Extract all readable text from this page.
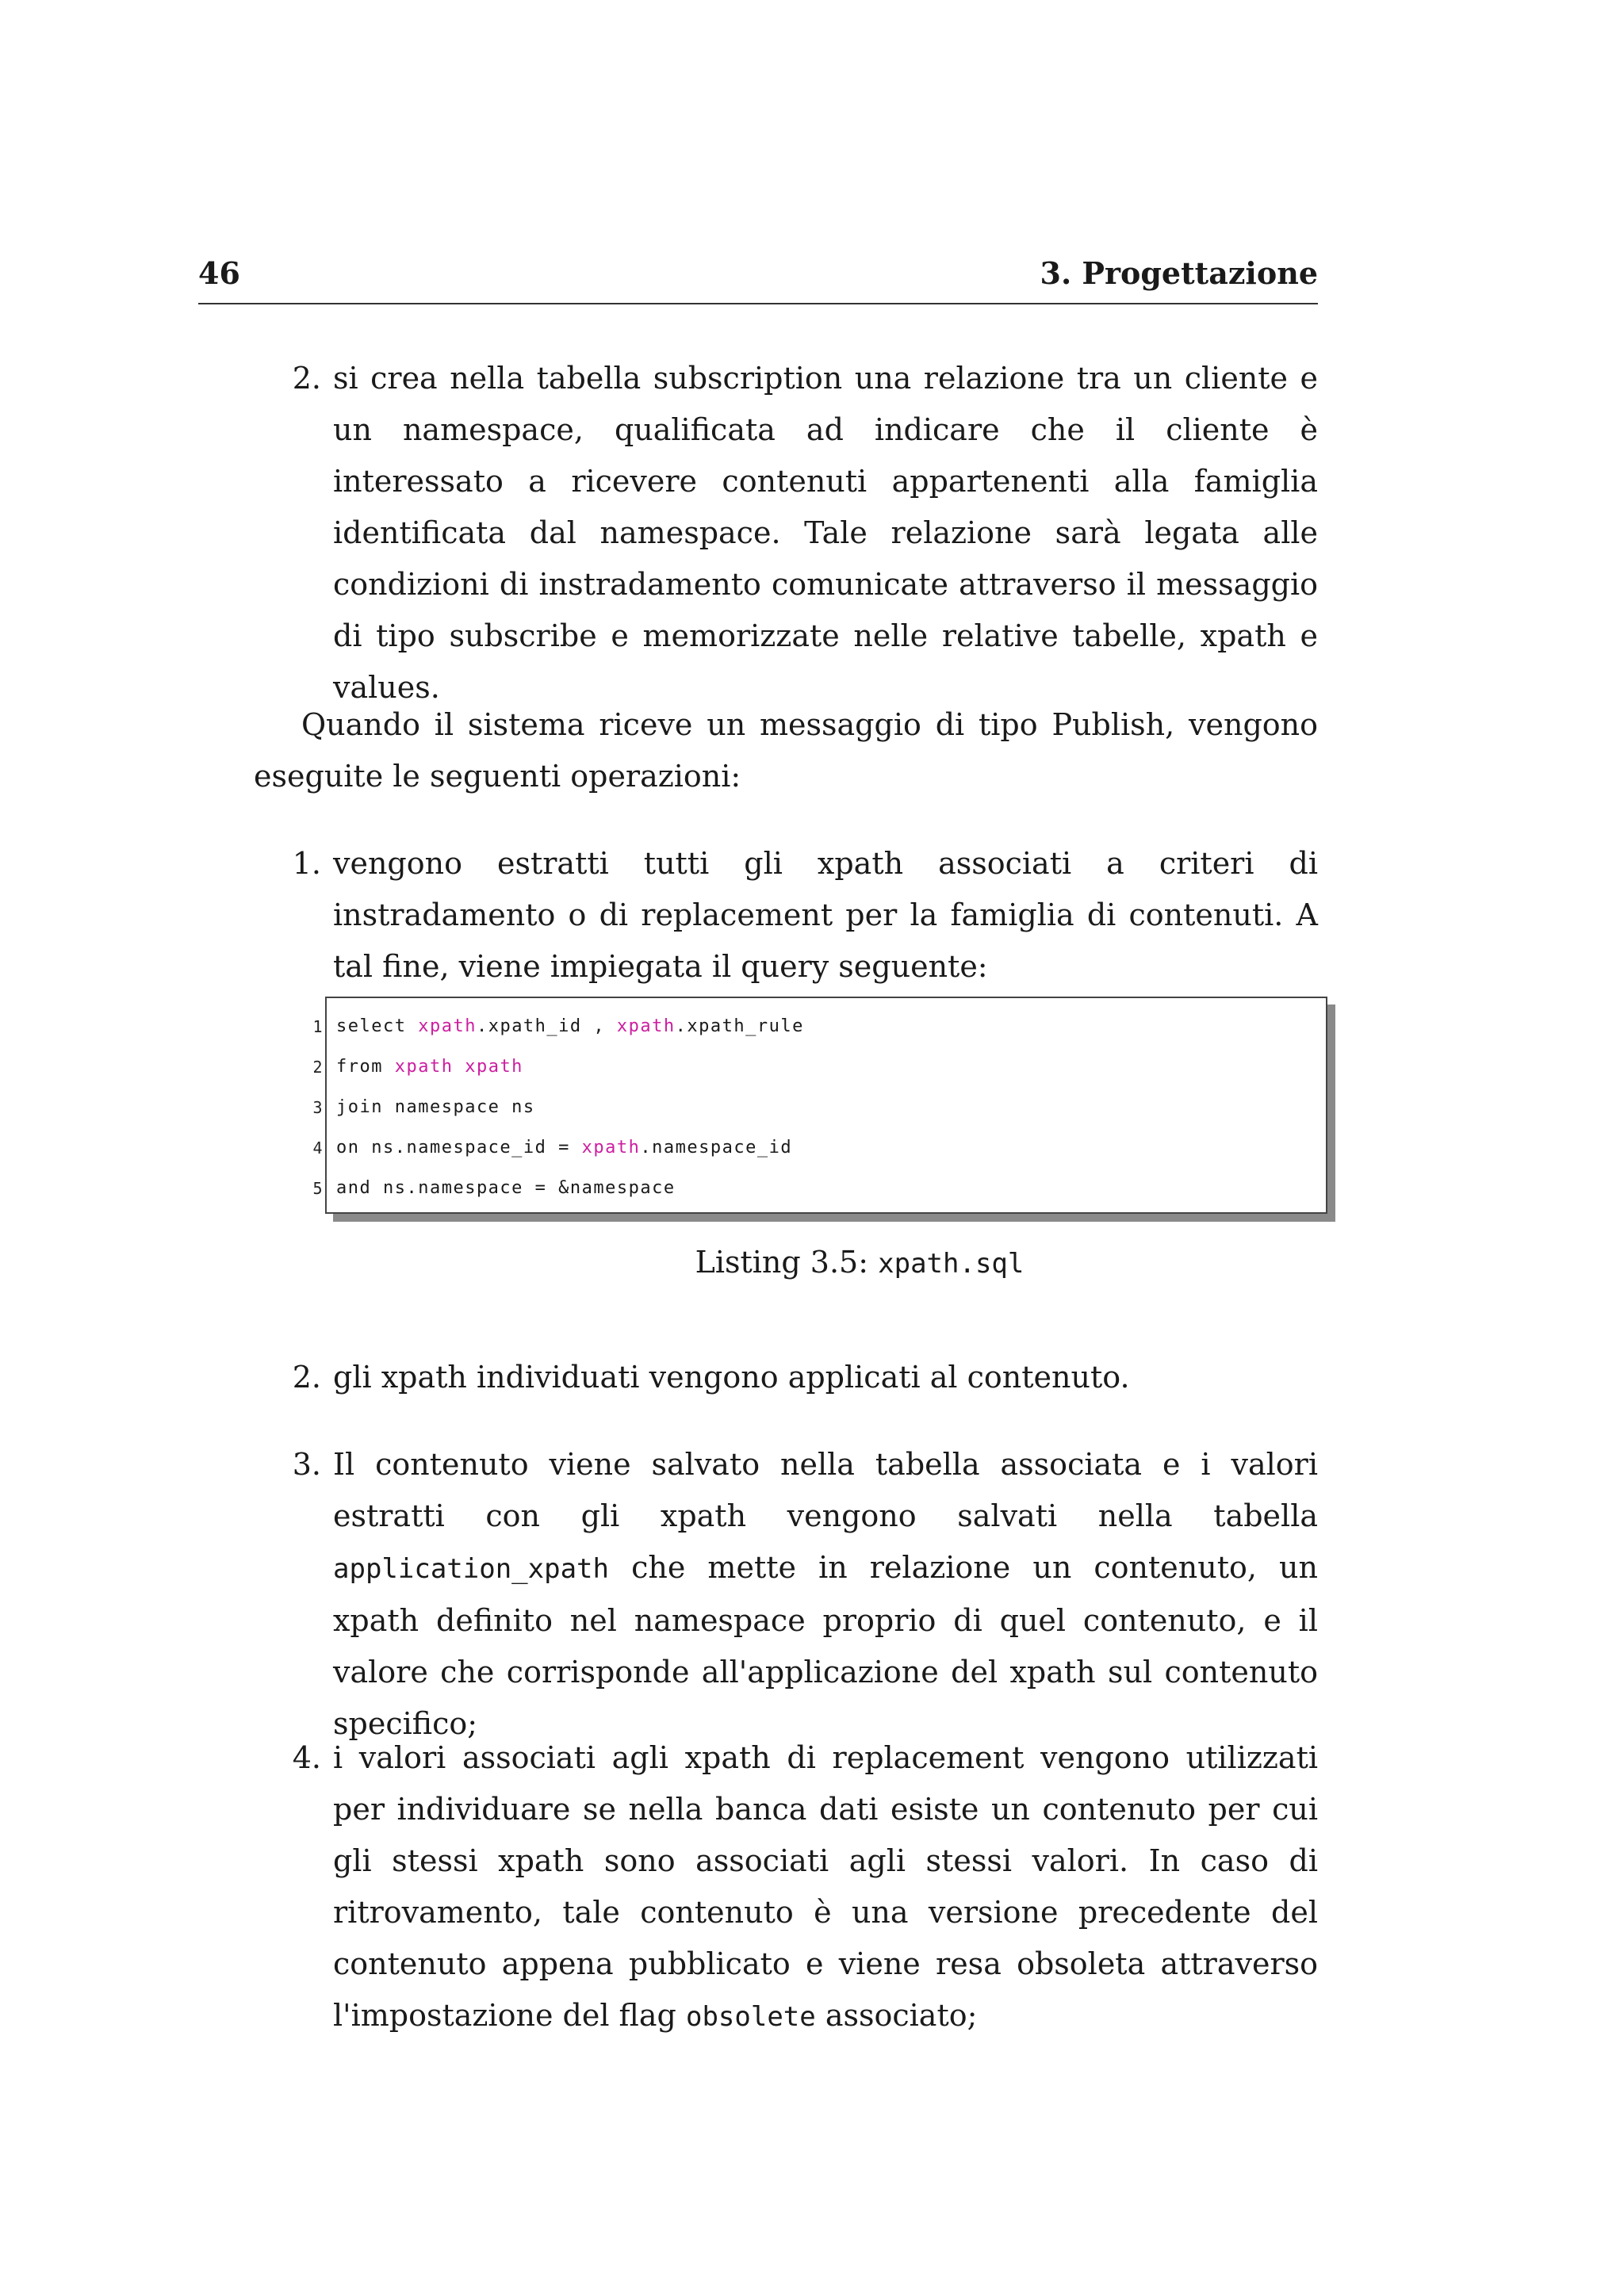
46	3. Progettazione
2. si crea nella tabella subscription una relazione tra un cliente e un namespace, qualificata ad indicare che il cliente è interessato a ricevere contenuti appartenenti alla famiglia identificata dal namespace. Tale relazione sarà legata alle condizioni di instradamento comunicate attraverso il messaggio di tipo subscribe e memorizzate nelle relative tabelle, xpath e values.
Quando il sistema riceve un messaggio di tipo Publish, vengono eseguite le seguenti operazioni:
1. vengono estratti tutti gli xpath associati a criteri di instradamento o di replacement per la famiglia di contenuti. A tal fine, viene impiegata il query seguente:
1 select xpath.xpath_id , xpath.xpath_rule
2 from xpath xpath
3 join namespace ns
4 on ns.namespace_id = xpath.namespace_id
5 and ns.namespace = &namespace
Listing 3.5: xpath.sql
2. gli xpath individuati vengono applicati al contenuto.
3. Il contenuto viene salvato nella tabella associata e i valori estratti con gli xpath vengono salvati nella tabella application_xpath che mette in relazione un contenuto, un xpath definito nel namespace proprio di quel contenuto, e il valore che corrisponde all'applicazione del xpath sul contenuto specifico;
4. i valori associati agli xpath di replacement vengono utilizzati per individuare se nella banca dati esiste un contenuto per cui gli stessi xpath sono associati agli stessi valori. In caso di ritrovamento, tale contenuto è una versione precedente del contenuto appena pubblicato e viene resa obsoleta attraverso l'impostazione del flag obsolete associato;
